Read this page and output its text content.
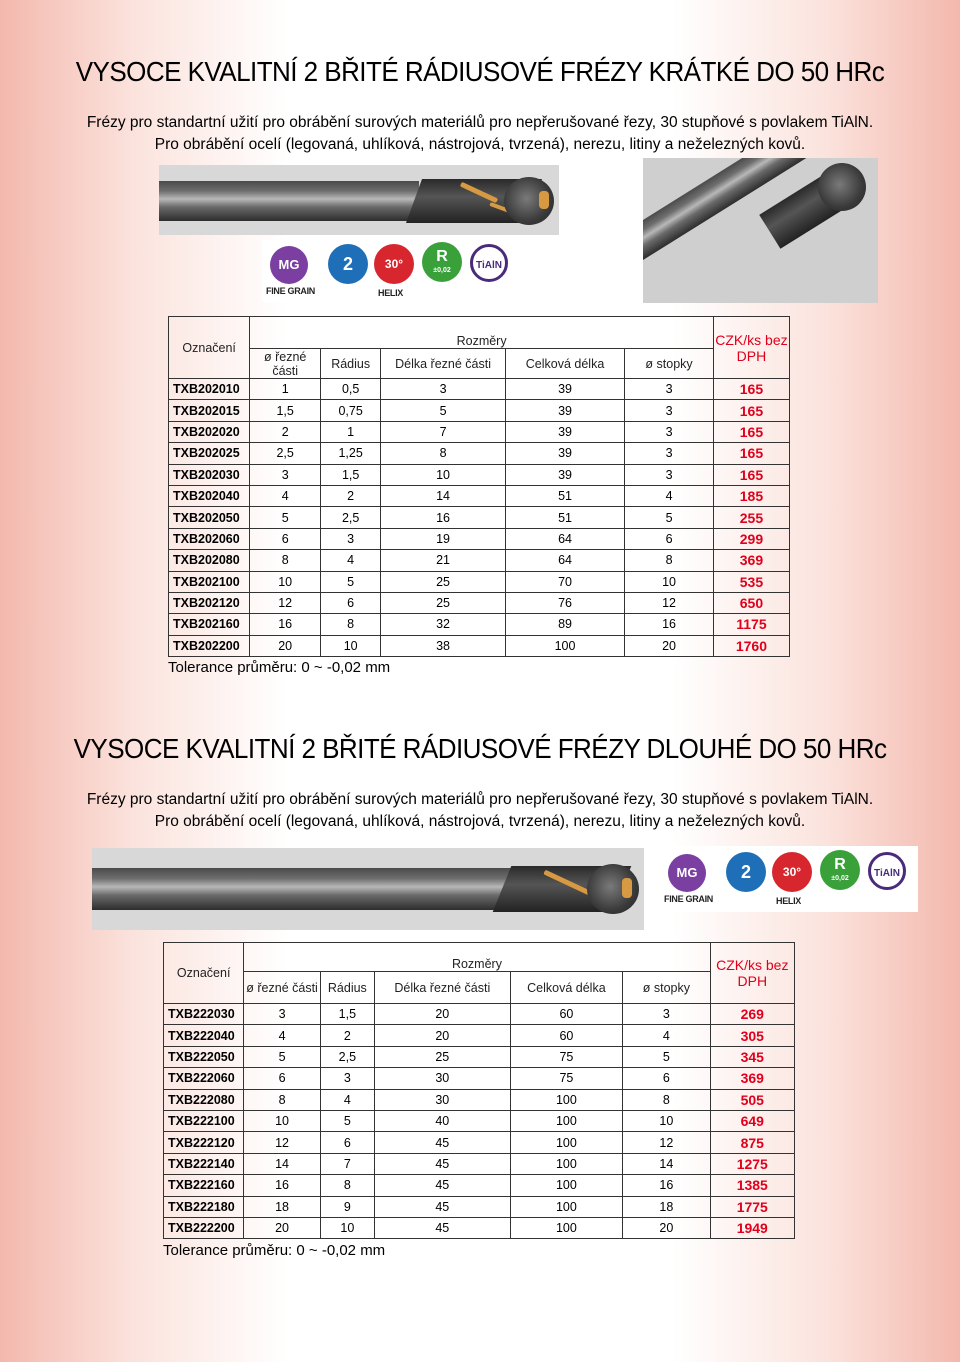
VYSOCE KVALITNÍ 2 BŘITÉ RÁDIUSOVÉ FRÉZY KRÁTKÉ DO 50 HRc
Frézy pro standartní užití pro obrábění surových materiálů pro nepřerušované řezy, 30 stupňové s povlakem TiAlN.
Pro obrábění ocelí (legovaná, uhlíková, nástrojová, tvrzená), nerezu, litiny a neželezných kovů.
MG
FINE GRAIN
2	30°
HELIX
R
±0,02	TiAlN
Označení	Rozměry					CZK/ks bez DPH
	ø řezné části	Rádius	Délka řezné části	Celková délka	ø stopky	
TXB202010	1	0,5	3	39	3	165
TXB202015	1,5	0,75	5	39	3	165
TXB202020	2	1	7	39	3	165
TXB202025	2,5	1,25	8	39	3	165
TXB202030	3	1,5	10	39	3	165
TXB202040	4	2	14	51	4	185
TXB202050	5	2,5	16	51	5	255
TXB202060	6	3	19	64	6	299
TXB202080	8	4	21	64	8	369
TXB202100	10	5	25	70	10	535
TXB202120	12	6	25	76	12	650
TXB202160	16	8	32	89	16	1175
TXB202200	20	10	38	100	20	1760
Tolerance průměru: 0 ~ -0,02 mm
VYSOCE KVALITNÍ 2 BŘITÉ RÁDIUSOVÉ FRÉZY DLOUHÉ DO 50 HRc
Frézy pro standartní užití pro obrábění surových materiálů pro nepřerušované řezy, 30 stupňové s povlakem TiAlN.
Pro obrábění ocelí (legovaná, uhlíková, nástrojová, tvrzená), nerezu, litiny a neželezných kovů.
MG
FINE GRAIN
2	30°
HELIX
R
±0,02	TiAlN
Označení	Rozměry					CZK/ks bez DPH
	ø řezné části	Rádius	Délka řezné části	Celková délka	ø stopky	
TXB222030	3	1,5	20	60	3	269
TXB222040	4	2	20	60	4	305
TXB222050	5	2,5	25	75	5	345
TXB222060	6	3	30	75	6	369
TXB222080	8	4	30	100	8	505
TXB222100	10	5	40	100	10	649
TXB222120	12	6	45	100	12	875
TXB222140	14	7	45	100	14	1275
TXB222160	16	8	45	100	16	1385
TXB222180	18	9	45	100	18	1775
TXB222200	20	10	45	100	20	1949
Tolerance průměru: 0 ~ -0,02 mm
